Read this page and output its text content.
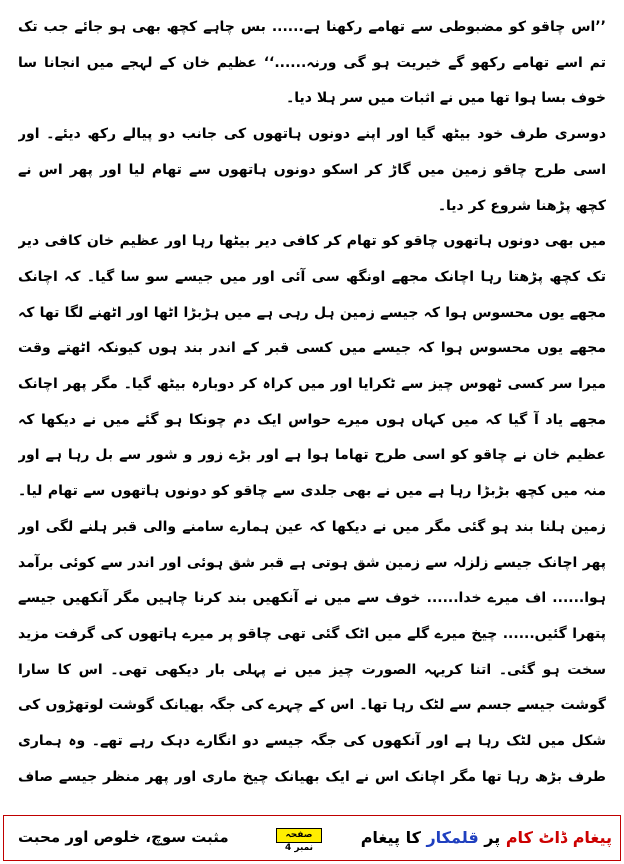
’’اس چاقو کو مضبوطی سے تھامے رکھنا ہے...... بس چاہے کچھ بھی ہو جائے جب تک تم اسے تھامے رکھو گے خیریت ہو گی ورنہ......‘‘ عظیم خان کے لہجے میں انجانا سا خوف بسا ہوا تھا میں نے اثبات میں سر ہلا دیا۔

دوسری طرف خود بیٹھ گیا اور اپنے دونوں ہاتھوں کی جانب دو پیالے رکھ دیئے۔ اور اسی طرح چاقو زمین میں گاڑ کر اسکو دونوں ہاتھوں سے تھام لیا اور پھر اس نے کچھ پڑھنا شروع کر دیا۔

میں بھی دونوں ہاتھوں چاقو کو تھام کر کافی دیر بیٹھا رہا اور عظیم خان کافی دیر تک کچھ پڑھتا رہا اچانک مجھے اونگھ سی آئی اور میں جیسے سو سا گیا۔ کہ اچانک مجھے یوں محسوس ہوا کہ جیسے زمین ہل رہی ہے میں ہڑبڑا اٹھا اور اٹھنے لگا تھا کہ مجھے یوں محسوس ہوا کہ جیسے میں کسی قبر کے اندر بند ہوں کیونکہ اٹھتے وقت میرا سر کسی ٹھوس چیز سے ٹکرایا اور میں کراہ کر دوبارہ بیٹھ گیا۔ مگر پھر اچانک مجھے یاد آ گیا کہ میں کہاں ہوں میرے حواس ایک دم چونکا ہو گئے میں نے دیکھا کہ عظیم خان نے چاقو کو اسی طرح تھاما ہوا ہے اور بڑے زور و شور سے بل رہا ہے اور منہ میں کچھ بڑبڑا رہا ہے میں نے بھی جلدی سے چاقو کو دونوں ہاتھوں سے تھام لیا۔ زمین ہلنا بند ہو گئی مگر میں نے دیکھا کہ عین ہمارے سامنے والی قبر ہلنے لگی اور پھر اچانک جیسے زلزلہ سے زمین شق ہوتی ہے قبر شق ہوئی اور اندر سے کوئی برآمد ہوا...... اف میرے خدا...... خوف سے میں نے آنکھیں بند کرنا چاہیں مگر آنکھیں جیسے پتھرا گئیں...... چیخ میرے گلے میں اٹک گئی تھی چاقو پر میرے ہاتھوں کی گرفت مزید سخت ہو گئی۔ اتنا کریہہ الصورت چیز میں نے پہلی بار دیکھی تھی۔ اس کا سارا گوشت جیسے جسم سے لٹک رہا تھا۔ اس کے چہرے کی جگہ بھیانک گوشت لوتھڑوں کی شکل میں لٹک رہا ہے اور آنکھوں کی جگہ جیسے دو انگارے دہک رہے تھے۔ وہ ہماری طرف بڑھ رہا تھا مگر اچانک اس نے ایک بھیانک چیخ ماری اور پھر منظر جیسے صاف

پیغام ڈاٹ کام پر قلمکار کا پیغام
صفحہ نمبر 4
مثبت سوچ، خلوص اور محبت
